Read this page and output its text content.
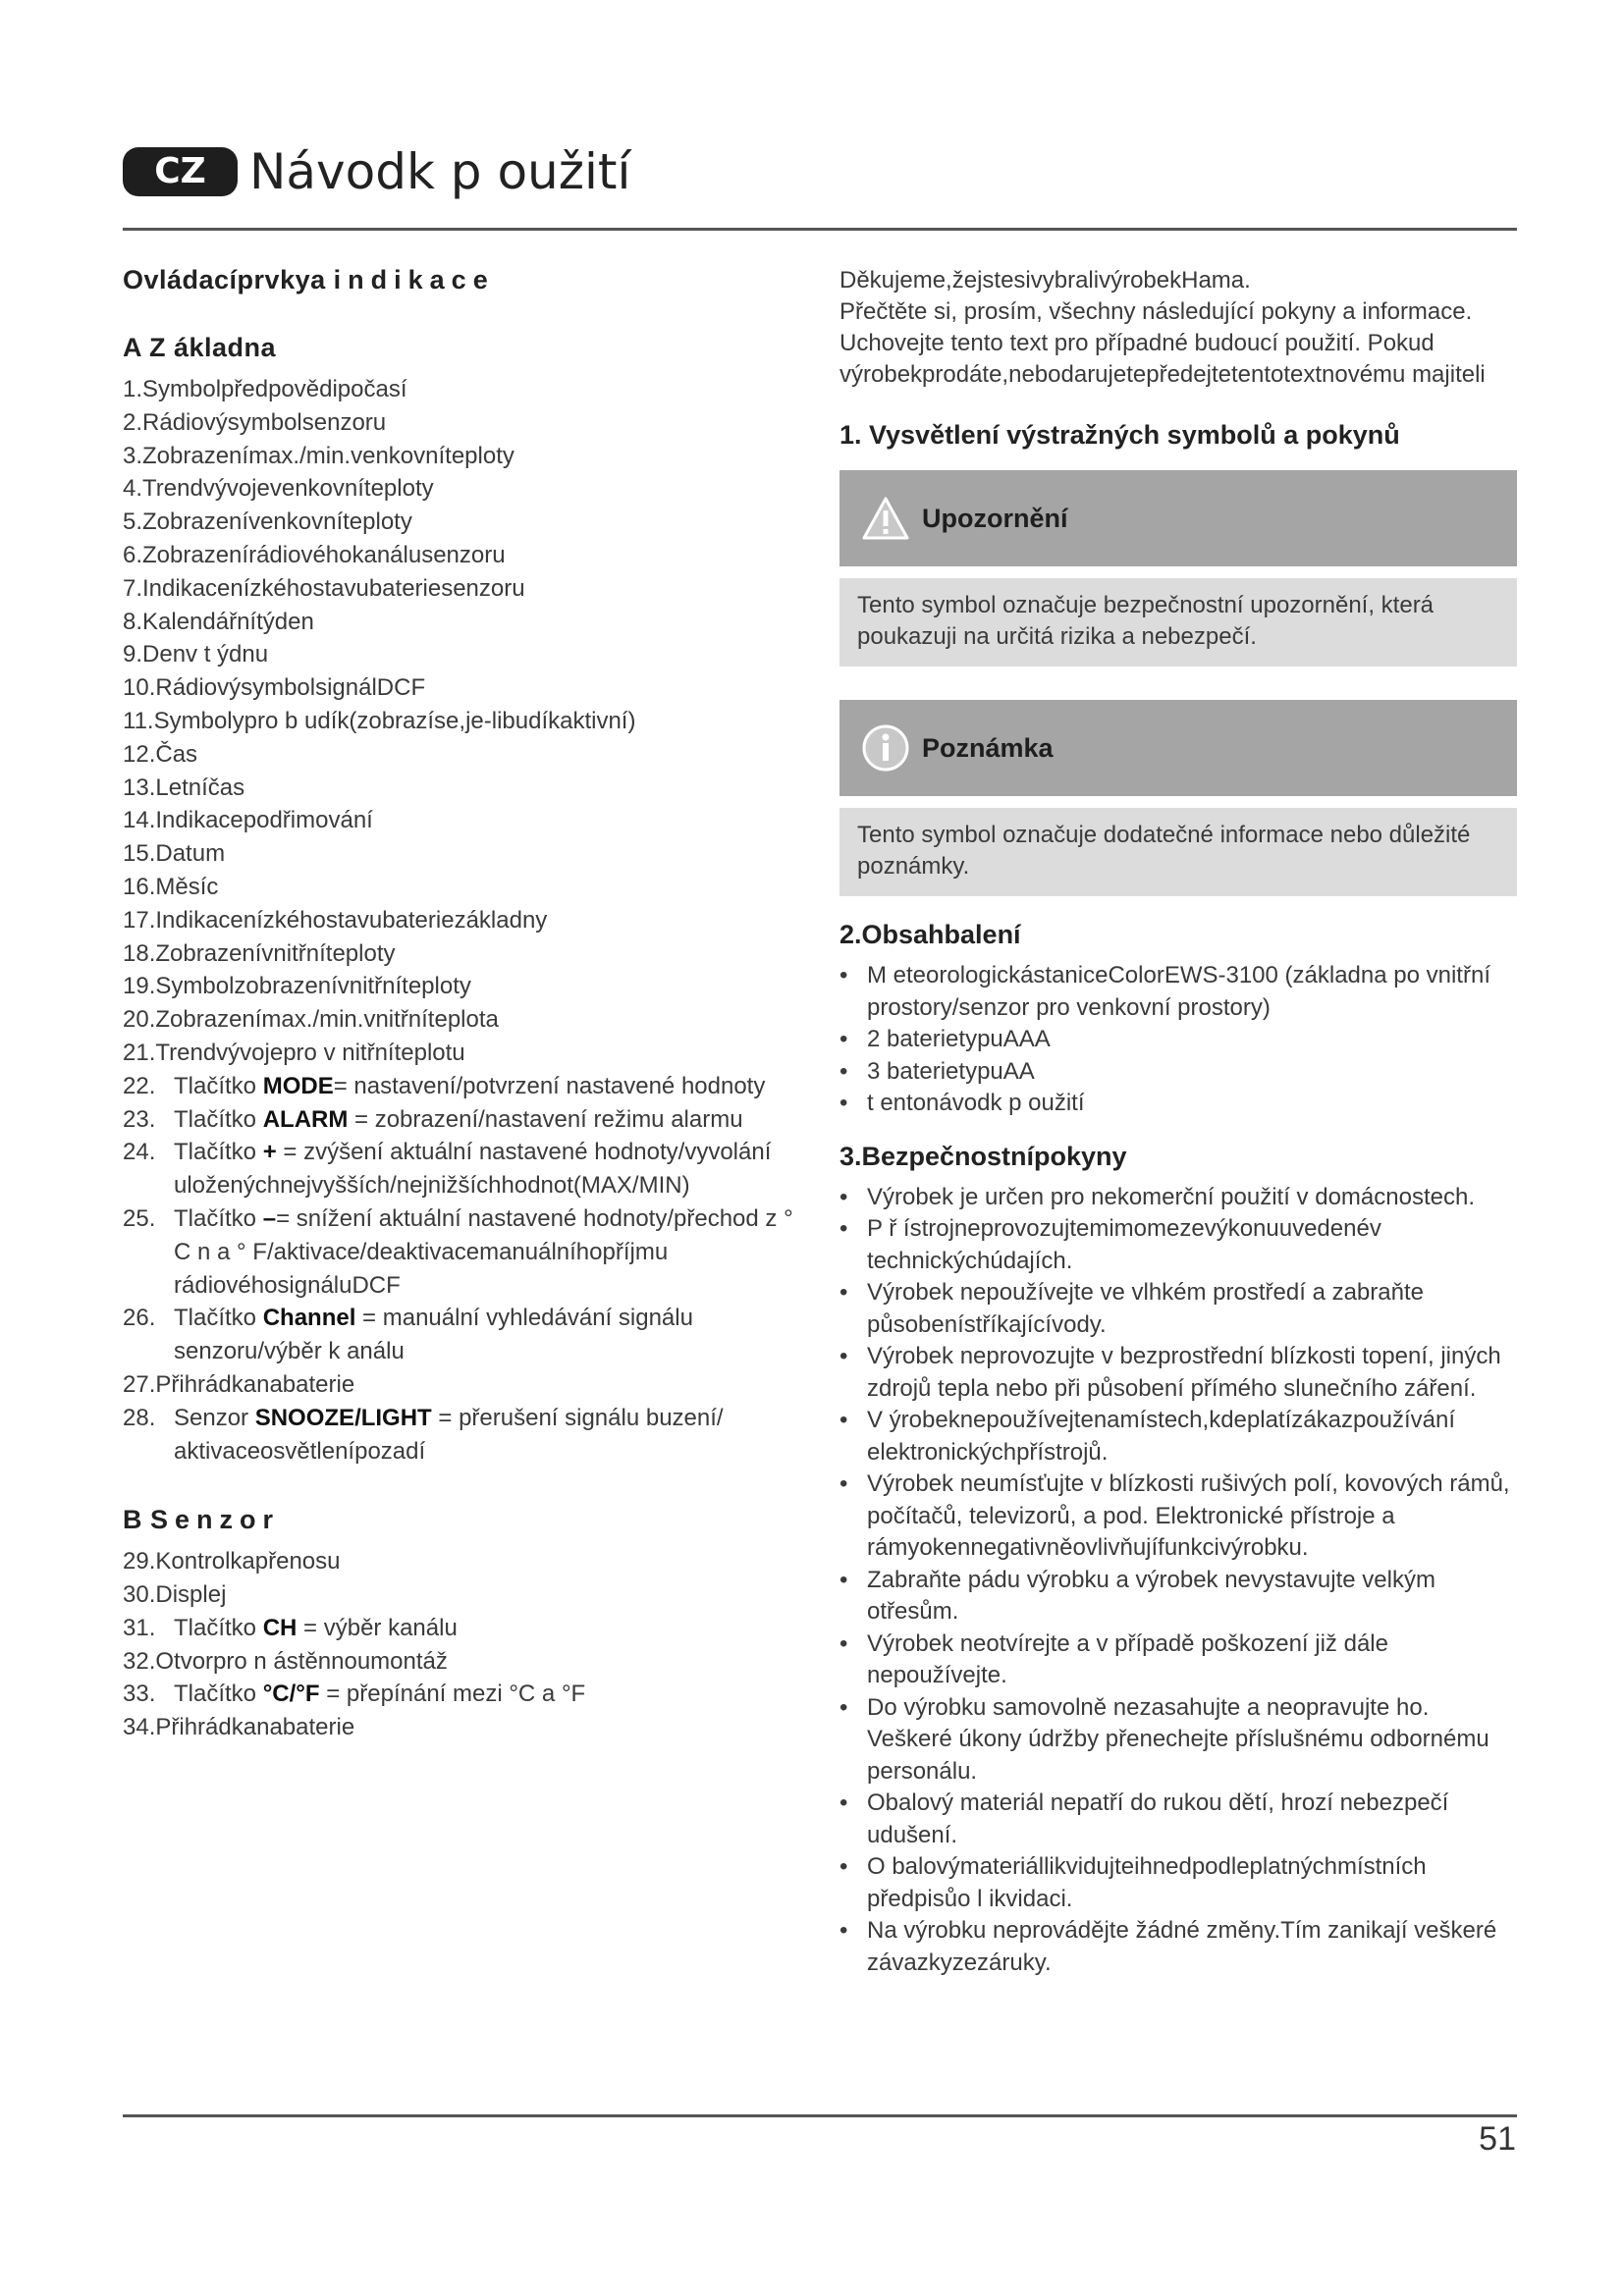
CZ Návodk p oužití
Ovládacíprvkya indikace
A Z ákladna
1. Symbolpředpovědipočasí
2. Rádiovýsymbolsenzoru
3. Zobrazenímax./min.venkovníteploty
4. Trendvývojevenkovníteploty
5. Zobrazenívenkovníteploty
6. Zobrazenírádiovéhokanálusenzoru
7. Indikacenízkéhostavubateriesenzoru
8. Kalendářnítýden
9. Denv t ýdnu
10. RádiovýsymbolsignálDCF
11. Symbolypro b udík(zobrazíse,je-libudíkaktivní)
12. Čas
13. Letníčas
14. Indikacepodřimování
15. Datum
16. Měsíc
17. Indikacenízkéhostavubateriezákladny
18. Zobrazenívnitřníteploty
19. Symbolzobrazenívnitřníteploty
20. Zobrazenímax./min.vnitřníteplota
21. Trendvývojepro v nitřníteplotu
22. Tlačítko MODE= nastavení/potvrzení nastavené hodnoty
23. Tlačítko ALARM = zobrazení/nastavení režimu alarmu
24. Tlačítko + = zvýšení aktuální nastavené hodnoty/vyvolání uloženýchnejvyšších/nejnižšíchhodnot(MAX/MIN)
25. Tlačítko –= snížení aktuální nastavené hodnoty/přechod z ° C n a ° F/aktivace/deaktivacemanuálníhopříjmu rádiovéhosignáluDCF
26. Tlačítko Channel = manuální vyhledávání signálu senzoru/výběr k análu
27. Přihrádkanabaterie
28. Senzor SNOOZE/LIGHT = přerušení signálu buzení/ aktivaceosvětlenípozadí
B Senzor
29. Kontrolkapřenosu
30. Displej
31. Tlačítko CH = výběr kanálu
32. Otvorpro n ástěnnoumontáž
33. Tlačítko °C/°F = přepínání mezi °C a °F
34. Přihrádkanabaterie

Děkujeme,žejstesivybralivýrobekHama.

Přečtěte si, prosím, všechny následující pokyny a informace. Uchovejte tento text pro případné budoucí použití. Pokud výrobekprodáte,nebodarujetepředejtetentotextnovému majiteli

1. Vysvětlení výstražných symbolů a pokynů
Upozornění
Tento symbol označuje bezpečnostní upozornění, která poukazuji na určitá rizika a nebezpečí.
Poznámka
Tento symbol označuje dodatečné informace nebo důležité poznámky.
2.Obsahbalení
• M eteorologickástaniceColorEWS-3100 (základna po vnitřní prostory/senzor pro venkovní prostory)
• 2 baterietypuAAA
• 3 baterietypuAA
• t entonávodk p oužití
3.Bezpečnostnípokyny
• Výrobek je určen pro nekomerční použití v domácnostech.
• P ř ístrojneprovozujtemimomezevýkonuuvedenév technickýchúdajích.
• Výrobek nepoužívejte ve vlhkém prostředí a zabraňte působenístříkajícívody.
• Výrobek neprovozujte v bezprostřední blízkosti topení, jiných zdrojů tepla nebo při působení přímého slunečního záření.
• V ýrobeknepoužívejtenamístech,kdeplatízákazpoužívání elektronickýchpřístrojů.
• Výrobek neumísťujte v blízkosti rušivých polí, kovových rámů, počítačů, televizorů, a pod. Elektronické přístroje a rámyokennegativněovlivňujífunkcivýrobku.
• Zabraňte pádu výrobku a výrobek nevystavujte velkým otřesům.
• Výrobek neotvírejte a v případě poškození již dále nepoužívejte.
• Do výrobku samovolně nezasahujte a neopravujte ho. Veškeré úkony údržby přenechejte příslušnému odbornému personálu.
• Obalový materiál nepatří do rukou dětí, hrozí nebezpečí udušení.
• O balovýmateriállikvidujteihnedpodleplatnýchmístních předpisůo l ikvidaci.
• Na výrobku neprovádějte žádné změny.Tím zanikají veškeré závazkyzezáruky.
51
